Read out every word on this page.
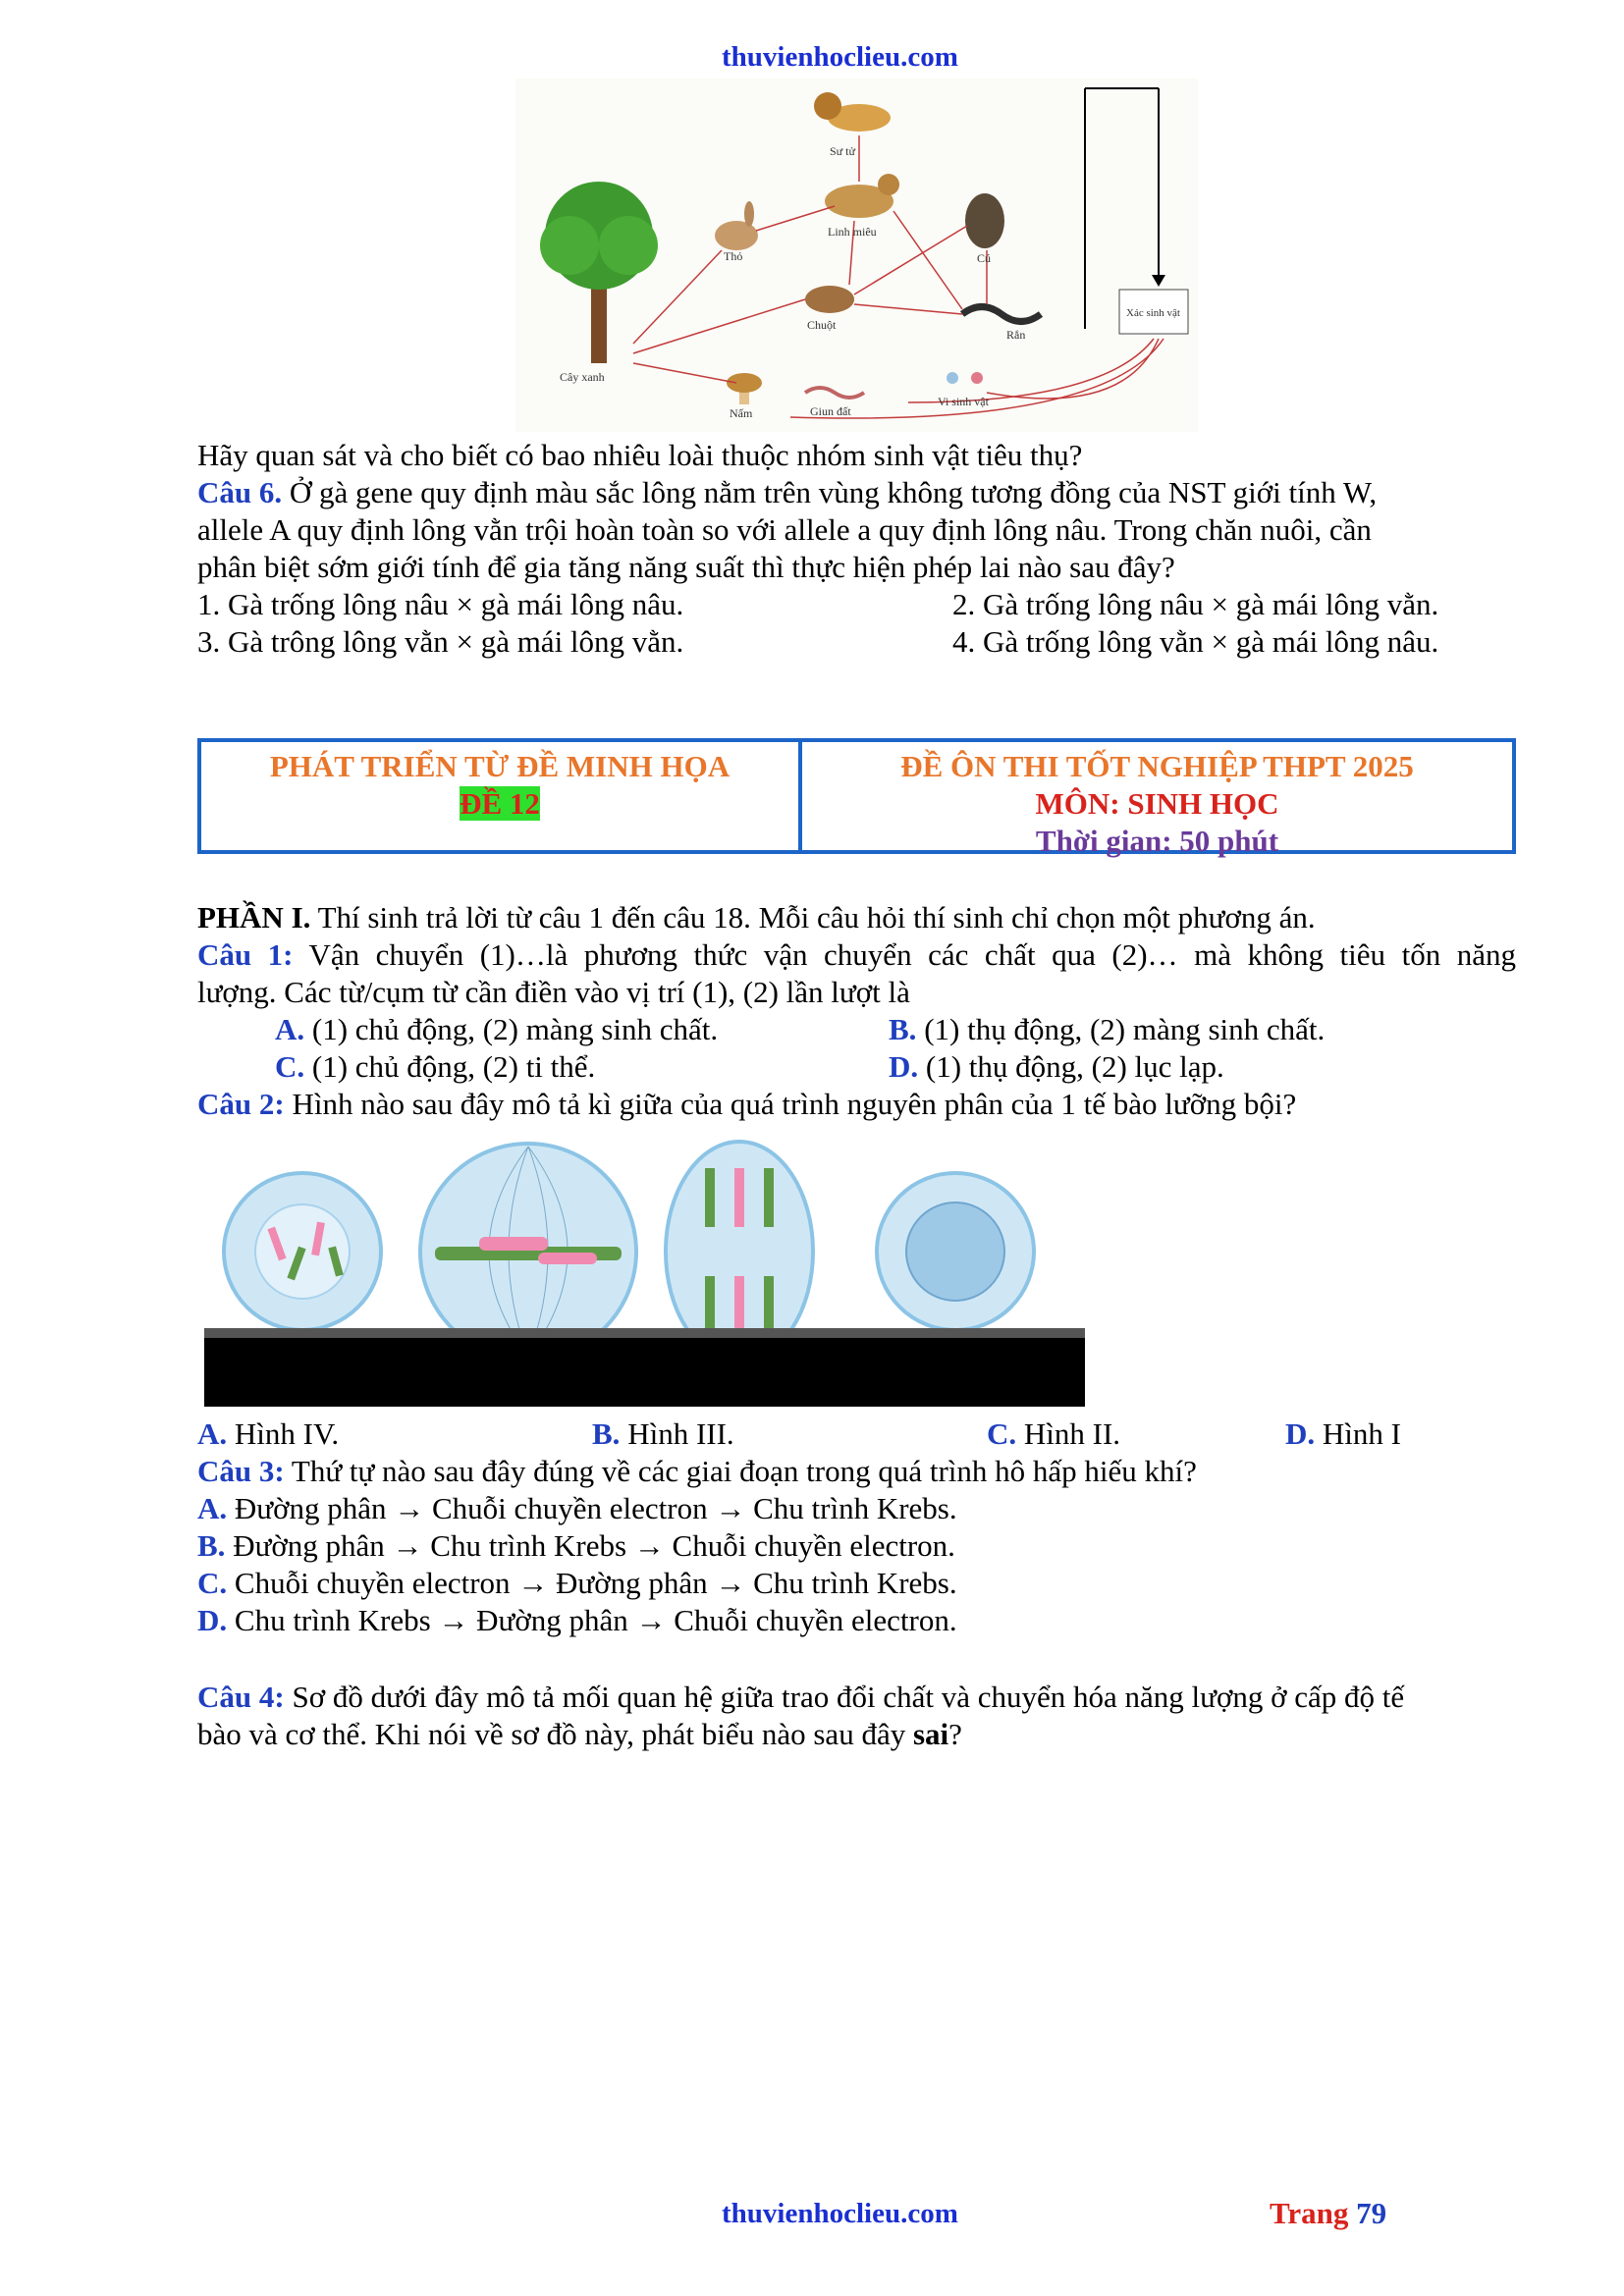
thuvienhoclieu.com
Sư tử
Thỏ
Linh miêu
Cú
Chuột
Rắn
Cây xanh
Nấm	Giun đất
Vi sinh vật
Xác sinh vật
Hãy quan sát và cho biết có bao nhiêu loài thuộc nhóm sinh vật tiêu thụ?
Câu 6. Ở gà gene quy định màu sắc lông nằm trên vùng không tương đồng của NST giới tính W,
allele A quy định lông vằn trội hoàn toàn so với allele a quy định lông nâu. Trong chăn nuôi, cần
phân biệt sớm giới tính để gia tăng năng suất thì thực hiện phép lai nào sau đây?
1. Gà trống lông nâu × gà mái lông nâu.	2. Gà trống lông nâu × gà mái lông vằn.
3. Gà trông lông vằn × gà mái lông vằn.	4. Gà trống lông vằn × gà mái lông nâu.
PHÁT TRIỂN TỪ ĐỀ MINH HỌA
ĐỀ 12
ĐỀ ÔN THI TỐT NGHIỆP THPT 2025
MÔN: SINH HỌC
Thời gian: 50 phút
PHẦN I. Thí sinh trả lời từ câu 1 đến câu 18. Mỗi câu hỏi thí sinh chỉ chọn một phương án.
Câu 1: Vận chuyển (1)…là phương thức vận chuyển các chất qua (2)… mà không tiêu tốn năng
lượng. Các từ/cụm từ cần điền vào vị trí (1), (2) lần lượt là
A. (1) chủ động, (2) màng sinh chất.	B. (1) thụ động, (2) màng sinh chất.
C. (1) chủ động, (2) ti thể.	D. (1) thụ động, (2) lục lạp.
Câu 2: Hình nào sau đây mô tả kì giữa của quá trình nguyên phân của 1 tế bào lưỡng bội?
A. Hình IV.	B. Hình III.	C. Hình II.	D. Hình I
Câu 3: Thứ tự nào sau đây đúng về các giai đoạn trong quá trình hô hấp hiếu khí?
A. Đường phân → Chuỗi chuyền electron → Chu trình Krebs.
B. Đường phân → Chu trình Krebs → Chuỗi chuyền electron.
C. Chuỗi chuyền electron → Đường phân → Chu trình Krebs.
D. Chu trình Krebs → Đường phân → Chuỗi chuyền electron.
Câu 4: Sơ đồ dưới đây mô tả mối quan hệ giữa trao đổi chất và chuyển hóa năng lượng ở cấp độ tế
bào và cơ thể. Khi nói về sơ đồ này, phát biểu nào sau đây sai?
thuvienhoclieu.com	Trang 79
